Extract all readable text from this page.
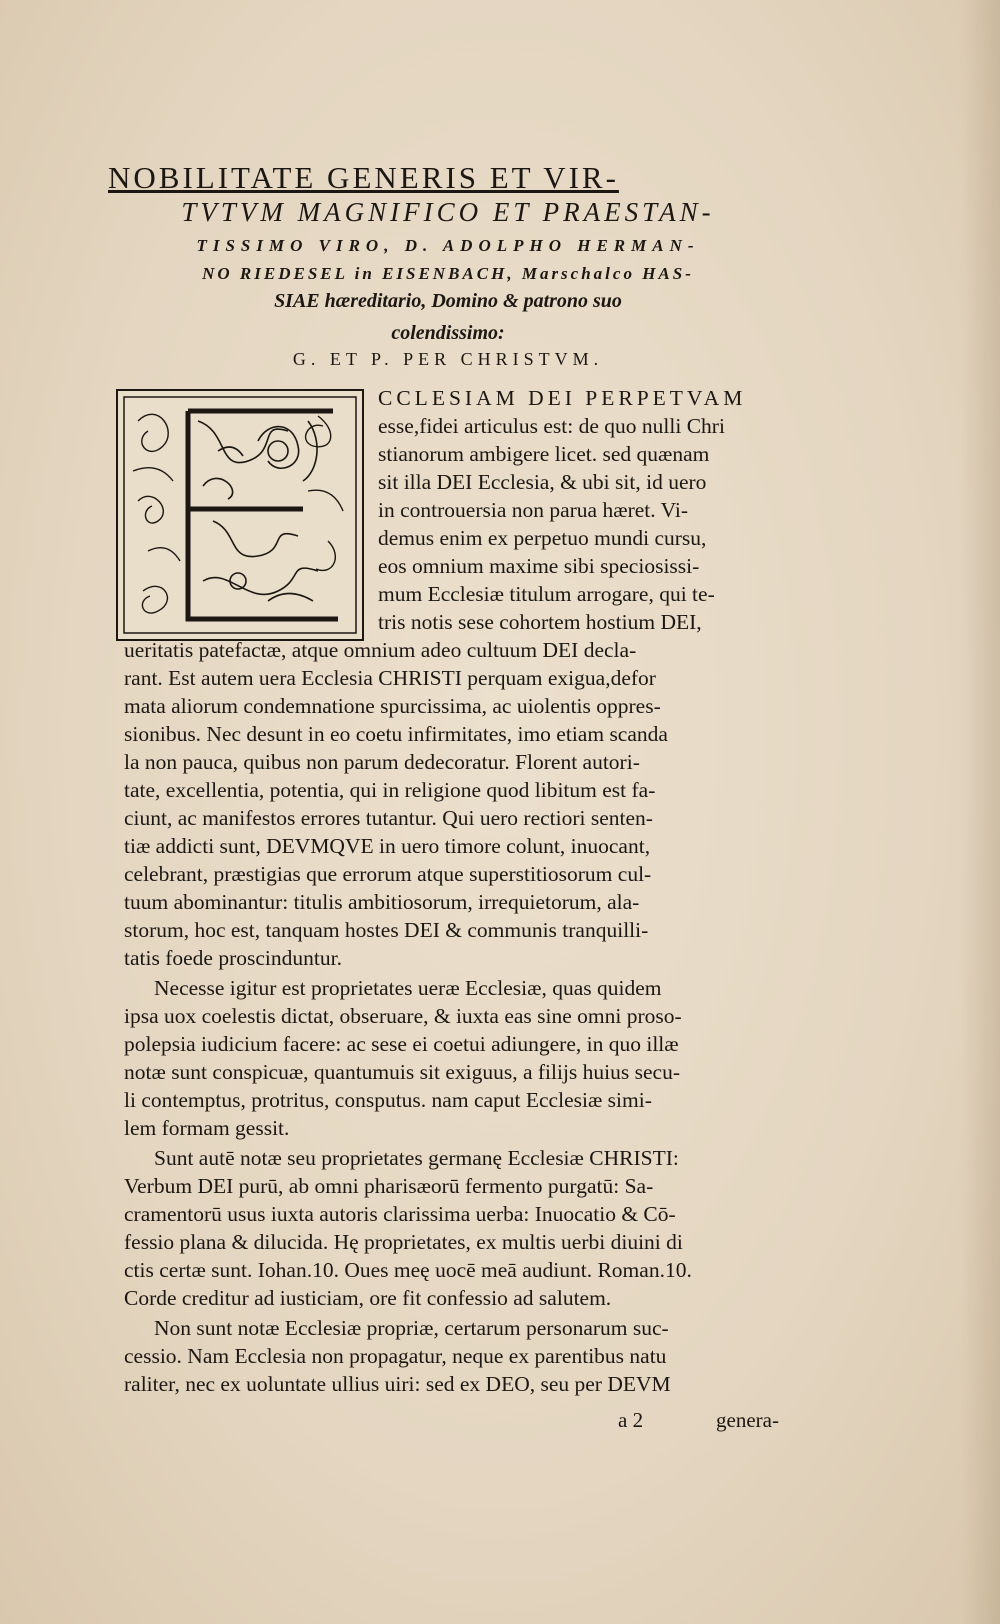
NOBILITATE GENERIS ET VIR-
TVTVM MAGNIFICO ET PRAESTAN-
TISSIMO VIRO, D. ADOLPHO HERMAN-
NO RIEDESEL in EISENBACH, Marschalco HAS-
SIAE hæreditario, Domino & patrono suo
colendissimo:
G. ET P. PER CHRISTVM.
CCLESIAM DEI PERPETVAM
esse,fidei articulus est: de quo nulli Chri
stianorum ambigere licet. sed quænam
sit illa DEI Ecclesia, & ubi sit, id uero
in controuersia non parua hæret. Vi-
demus enim ex perpetuo mundi cursu,
eos omnium maxime sibi speciosissi-
mum Ecclesiæ titulum arrogare, qui te-
tris notis sese cohortem hostium DEI,
ueritatis patefactæ, atque omnium adeo cultuum DEI decla-
rant. Est autem uera Ecclesia CHRISTI perquam exigua,defor
mata aliorum condemnatione spurcissima, ac uiolentis oppres-
sionibus. Nec desunt in eo coetu infirmitates, imo etiam scanda
la non pauca, quibus non parum dedecoratur. Florent autori-
tate, excellentia, potentia, qui in religione quod libitum est fa-
ciunt, ac manifestos errores tutantur. Qui uero rectiori senten-
tiæ addicti sunt, DEVMQVE in uero timore colunt, inuocant,
celebrant, præstigias que errorum atque superstitiosorum cul-
tuum abominantur: titulis ambitiosorum, irrequietorum, ala-
storum, hoc est, tanquam hostes DEI & communis tranquilli-
tatis foede proscinduntur.
Necesse igitur est proprietates ueræ Ecclesiæ, quas quidem
ipsa uox coelestis dictat, obseruare, & iuxta eas sine omni proso-
polepsia iudicium facere: ac sese ei coetui adiungere, in quo illæ
notæ sunt conspicuæ, quantumuis sit exiguus, a filijs huius secu-
li contemptus, protritus, consputus. nam caput Ecclesiæ simi-
lem formam gessit.
Sunt autē notæ seu proprietates germanę Ecclesiæ CHRISTI:
Verbum DEI purū, ab omni pharisæorū fermento purgatū: Sa-
cramentorū usus iuxta autoris clarissima uerba: Inuocatio & Cō-
fessio plana & dilucida. Hę proprietates, ex multis uerbi diuini di
ctis certæ sunt. Iohan.10. Oues meę uocē meā audiunt. Roman.10.
Corde creditur ad iusticiam, ore fit confessio ad salutem.
Non sunt notæ Ecclesiæ propriæ, certarum personarum suc-
cessio. Nam Ecclesia non propagatur, neque ex parentibus natu
raliter, nec ex uoluntate ullius uiri: sed ex DEO, seu per DEVM
a 2	genera-
